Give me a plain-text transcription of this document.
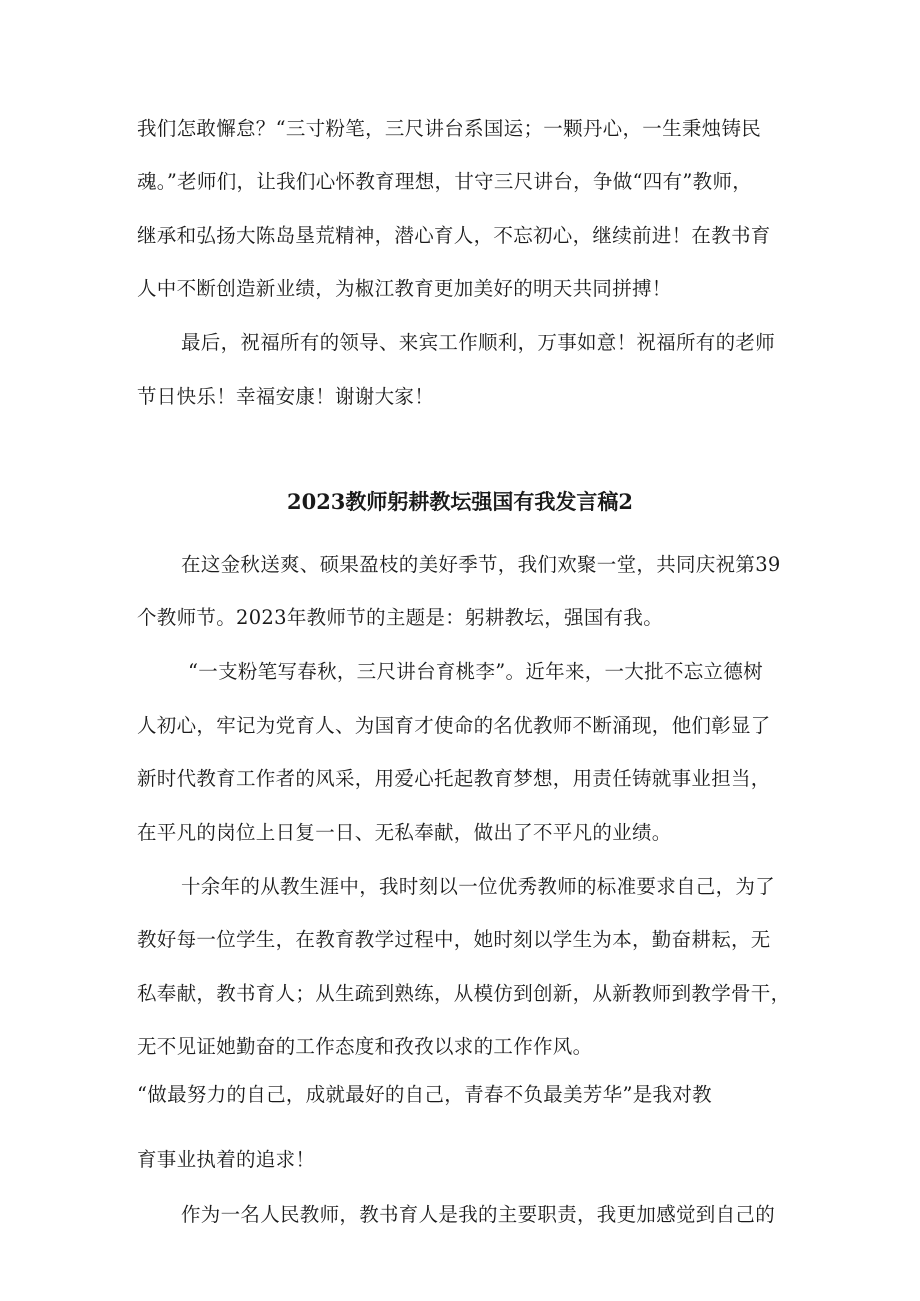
我们怎敢懈怠？“三寸粉笔，三尺讲台系国运；一颗丹心，一生秉烛铸民
魂。”老师们，让我们心怀教育理想，甘守三尺讲台，争做“四有”教师，
继承和弘扬大陈岛垦荒精神，潜心育人，不忘初心，继续前进！在教书育
人中不断创造新业绩，为椒江教育更加美好的明天共同拼搏！
最后，祝福所有的领导、来宾工作顺利，万事如意！祝福所有的老师
节日快乐！幸福安康！谢谢大家！
2023教师躬耕教坛强国有我发言稿2
在这金秋送爽、硕果盈枝的美好季节，我们欢聚一堂，共同庆祝第39
个教师节。2023年教师节的主题是：躬耕教坛，强国有我。
“一支粉笔写春秋，三尺讲台育桃李”。近年来，一大批不忘立德树
人初心，牢记为党育人、为国育才使命的名优教师不断涌现，他们彰显了
新时代教育工作者的风采，用爱心托起教育梦想，用责任铸就事业担当，
在平凡的岗位上日复一日、无私奉献，做出了不平凡的业绩。
十余年的从教生涯中，我时刻以一位优秀教师的标准要求自己，为了
教好每一位学生，在教育教学过程中，她时刻以学生为本，勤奋耕耘，无
私奉献，教书育人；从生疏到熟练，从模仿到创新，从新教师到教学骨干，
无不见证她勤奋的工作态度和孜孜以求的工作作风。
“做最努力的自己，成就最好的自己，青春不负最美芳华”是我对教
育事业执着的追求！
作为一名人民教师，教书育人是我的主要职责，我更加感觉到自己的
